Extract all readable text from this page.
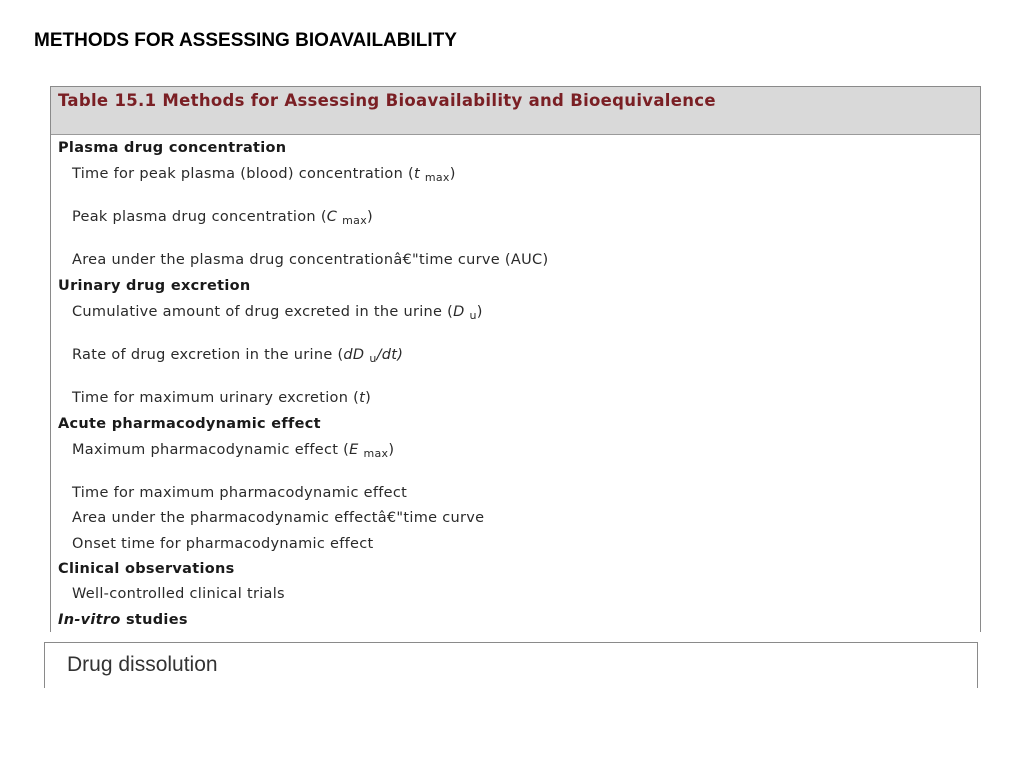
METHODS FOR ASSESSING BIOAVAILABILITY
Table 15.1 Methods for Assessing Bioavailability and Bioequivalence
Plasma drug concentration
Time for peak plasma (blood) concentration (t $_{max}$)
Peak plasma drug concentration (C $_{max}$)
Area under the plasma drug concentrationâ€"time curve (AUC)
Urinary drug excretion
Cumulative amount of drug excreted in the urine (D $_u$)
Rate of drug excretion in the urine (dD $_u$/dt)
Time for maximum urinary excretion (t)
Acute pharmacodynamic effect
Maximum pharmacodynamic effect (E $_{max}$)
Time for maximum pharmacodynamic effect
Area under the pharmacodynamic effectâ€"time curve
Onset time for pharmacodynamic effect
Clinical observations
Well-controlled clinical trials
In-vitro studies
Drug dissolution
